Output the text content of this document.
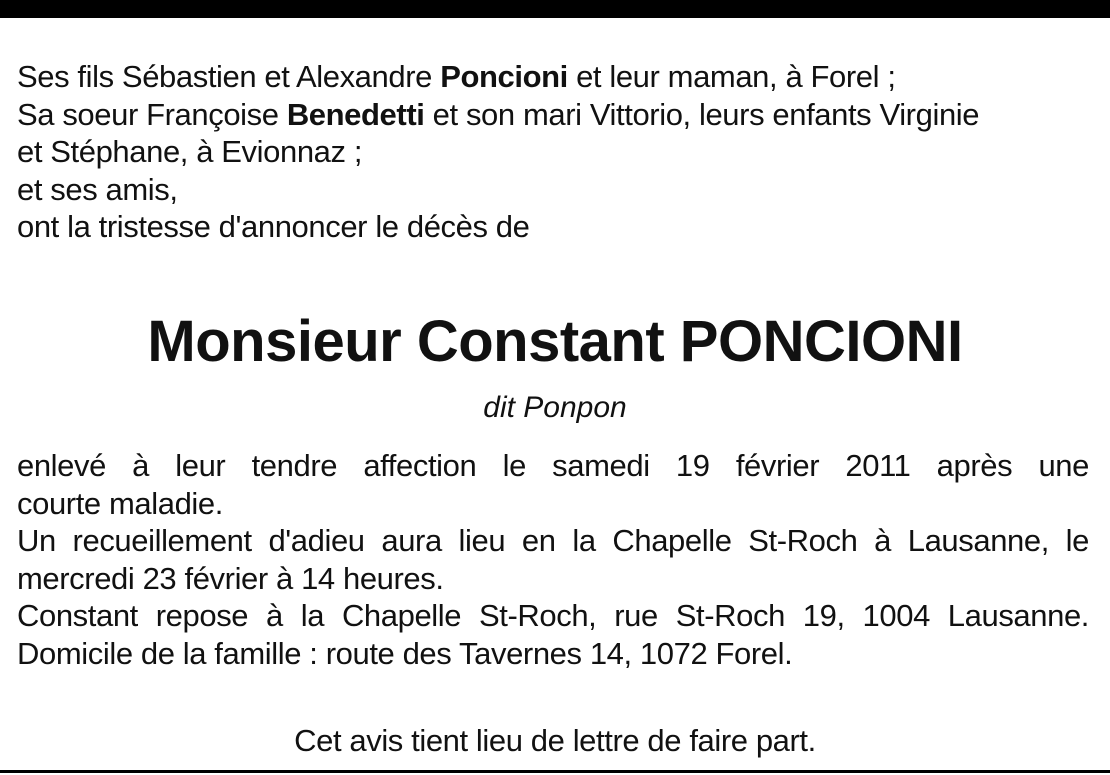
Ses fils Sébastien et Alexandre Poncioni et leur maman, à Forel ;
Sa soeur Françoise Benedetti et son mari Vittorio, leurs enfants Virginie
et Stéphane, à Evionnaz ;
et ses amis,
ont la tristesse d'annoncer le décès de
Monsieur Constant PONCIONI
dit Ponpon
enlevé à leur tendre affection le samedi 19 février 2011 après une
courte maladie.
Un recueillement d'adieu aura lieu en la Chapelle St-Roch à Lausanne, le
mercredi 23 février à 14 heures.
Constant repose à la Chapelle St-Roch, rue St-Roch 19, 1004 Lausanne.
Domicile de la famille : route des Tavernes 14, 1072 Forel.
Cet avis tient lieu de lettre de faire part.
